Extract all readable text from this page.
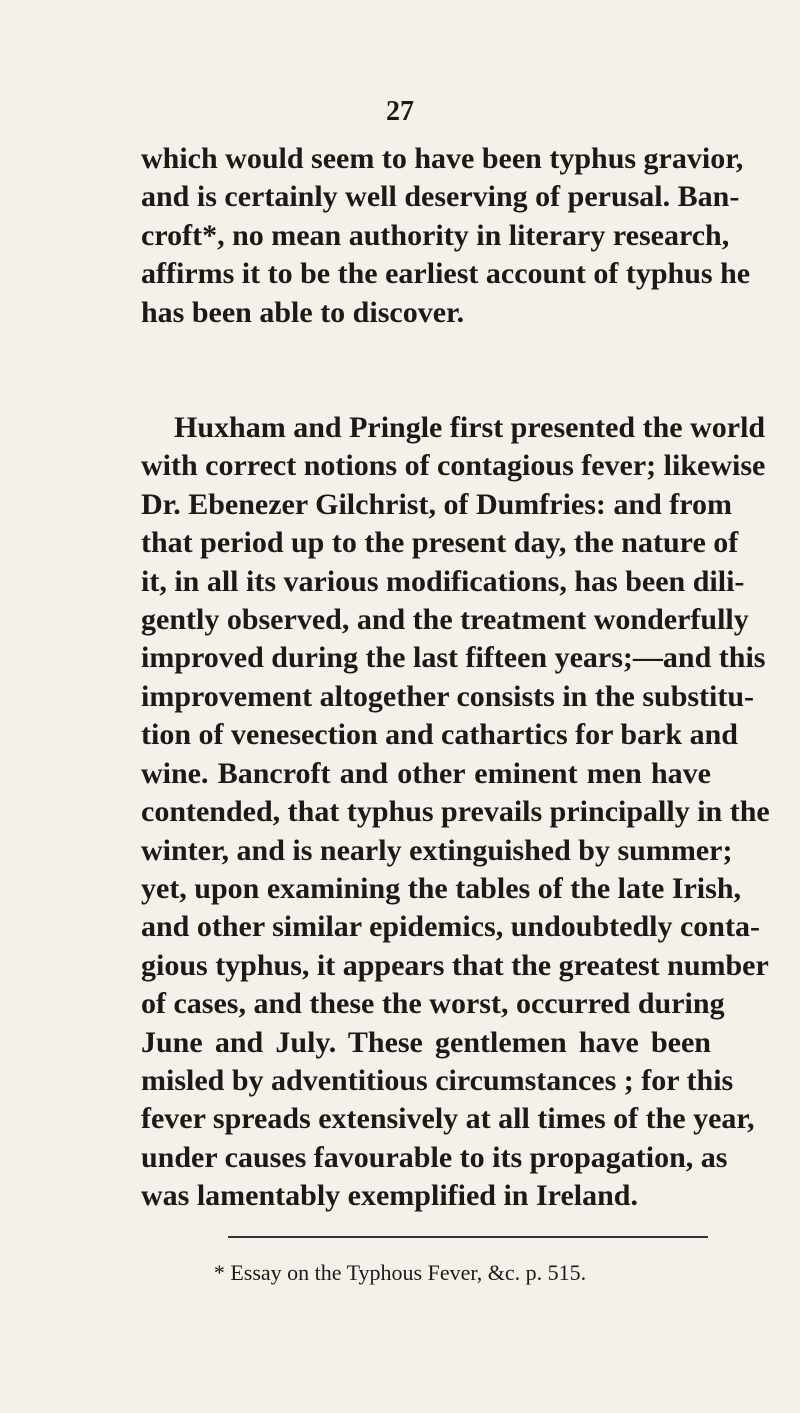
27
which would seem to have been typhus gravior,
and is certainly well deserving of perusal. Ban-
croft*, no mean authority in literary research,
affirms it to be the earliest account of typhus he
has been able to discover.
Huxham and Pringle first presented the world
with correct notions of contagious fever; likewise
Dr. Ebenezer Gilchrist, of Dumfries: and from
that period up to the present day, the nature of
it, in all its various modifications, has been dili-
gently observed, and the treatment wonderfully
improved during the last fifteen years;—and this
improvement altogether consists in the substitu-
tion of venesection and cathartics for bark and
wine. Bancroft and other eminent men have
contended, that typhus prevails principally in the
winter, and is nearly extinguished by summer;
yet, upon examining the tables of the late Irish,
and other similar epidemics, undoubtedly conta-
gious typhus, it appears that the greatest number
of cases, and these the worst, occurred during
June and July. These gentlemen have been
misled by adventitious circumstances ; for this
fever spreads extensively at all times of the year,
under causes favourable to its propagation, as
was lamentably exemplified in Ireland.
* Essay on the Typhous Fever, &c. p. 515.
